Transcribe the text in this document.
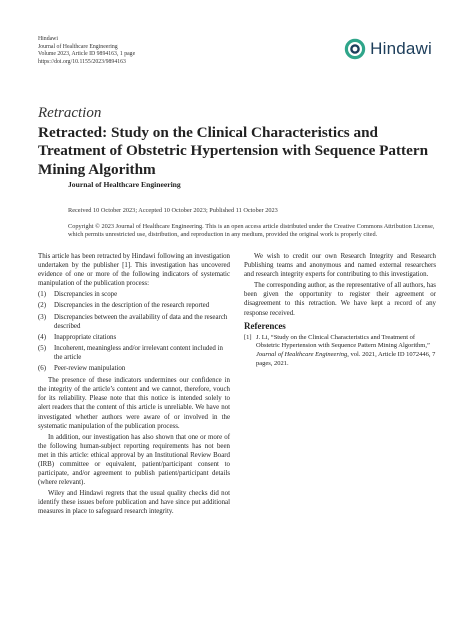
Hindawi
Journal of Healthcare Engineering
Volume 2023, Article ID 9894163, 1 page
https://doi.org/10.1155/2023/9894163
Hindawi
Retraction
Retracted: Study on the Clinical Characteristics and Treatment of Obstetric Hypertension with Sequence Pattern Mining Algorithm
Journal of Healthcare Engineering
Received 10 October 2023; Accepted 10 October 2023; Published 11 October 2023
Copyright © 2023 Journal of Healthcare Engineering. This is an open access article distributed under the Creative Commons Attribution License, which permits unrestricted use, distribution, and reproduction in any medium, provided the original work is properly cited.

This article has been retracted by Hindawi following an investigation undertaken by the publisher [1]. This investigation has uncovered evidence of one or more of the following indicators of systematic manipulation of the publication process:

(1)	Discrepancies in scope
(2)	Discrepancies in the description of the research reported
(3)	Discrepancies between the availability of data and the research described
(4)	Inappropriate citations
(5)	Incoherent, meaningless and/or irrelevant content included in the article
(6)	Peer-review manipulation

The presence of these indicators undermines our confidence in the integrity of the article’s content and we cannot, therefore, vouch for its reliability. Please note that this notice is intended solely to alert readers that the content of this article is unreliable. We have not investigated whether authors were aware of or involved in the systematic manipulation of the publication process.

In addition, our investigation has also shown that one or more of the following human-subject reporting requirements has not been met in this article: ethical approval by an Institutional Review Board (IRB) committee or equivalent, patient/participant consent to participate, and/or agreement to publish patient/participant details (where relevant).

Wiley and Hindawi regrets that the usual quality checks did not identify these issues before publication and have since put additional measures in place to safeguard research integrity.

We wish to credit our own Research Integrity and Research Publishing teams and anonymous and named external researchers and research integrity experts for contributing to this investigation.

The corresponding author, as the representative of all authors, has been given the opportunity to register their agreement or disagreement to this retraction. We have kept a record of any response received.

References
[1] J. Li, “Study on the Clinical Characteristics and Treatment of Obstetric Hypertension with Sequence Pattern Mining Algorithm,” Journal of Healthcare Engineering, vol. 2021, Article ID 1072446, 7 pages, 2021.
